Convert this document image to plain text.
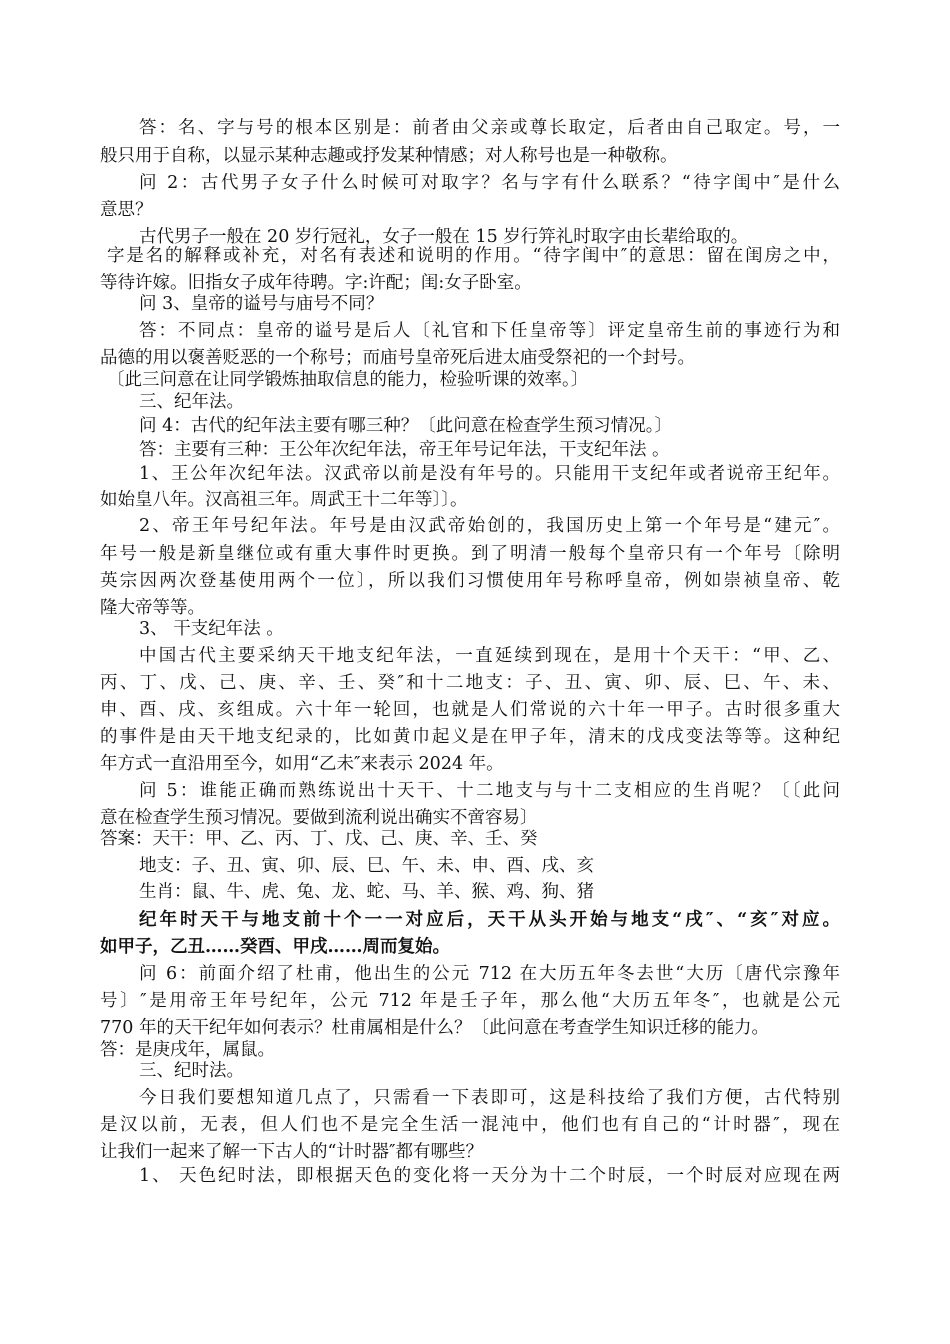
答：名、字与号的根本区别是：前者由父亲或尊长取定，后者由自己取定。号，一
般只用于自称，以显示某种志趣或抒发某种情感；对人称号也是一种敬称。
问 2：古代男子女子什么时候可对取字？名与字有什么联系？“待字闺中″是什么
意思？
古代男子一般在 20 岁行冠礼，女子一般在 15 岁行笄礼时取字由长辈给取的。
字是名的解释或补充，对名有表述和说明的作用。“待字闺中″的意思：留在闺房之中，
等待许嫁。旧指女子成年待聘。字:许配；闺:女子卧室。
问 3、皇帝的谥号与庙号不同？
答：不同点：皇帝的谥号是后人〔礼官和下任皇帝等〕评定皇帝生前的事迹行为和
品德的用以褒善贬恶的一个称号；而庙号皇帝死后进太庙受祭祀的一个封号。
〔此三问意在让同学锻炼抽取信息的能力，检验听课的效率。〕
三、纪年法。
问 4：古代的纪年法主要有哪三种？〔此问意在检查学生预习情况。〕
答：主要有三种：王公年次纪年法，帝王年号记年法，干支纪年法 。
1、王公年次纪年法。汉武帝以前是没有年号的。只能用干支纪年或者说帝王纪年。
如始皇八年。汉高祖三年。周武王十二年等〕〕。
2、帝王年号纪年法。年号是由汉武帝始创的，我国历史上第一个年号是“建元″。
年号一般是新皇继位或有重大事件时更换。到了明清一般每个皇帝只有一个年号〔除明
英宗因两次登基使用两个一位〕，所以我们习惯使用年号称呼皇帝，例如崇祯皇帝、乾
隆大帝等等。
3、 干支纪年法 。
中国古代主要采纳天干地支纪年法，一直延续到现在，是用十个天干：“甲、乙、
丙、丁、戊、己、庚、辛、壬、癸″和十二地支：子、丑、寅、卯、辰、巳、午、未、
申、酉、戌、亥组成。六十年一轮回，也就是人们常说的六十年一甲子。古时很多重大
的事件是由天干地支纪录的，比如黄巾起义是在甲子年，清末的戊戌变法等等。这种纪
年方式一直沿用至今，如用“乙未″来表示 2024 年。
问 5：谁能正确而熟练说出十天干、十二地支与与十二支相应的生肖呢？〔〔此问
意在检查学生预习情况。要做到流利说出确实不啻容易〕
答案：天干：甲、乙、丙、丁、戊、己、庚、辛、壬、癸
地支：子、丑、寅、卯、辰、巳、午、未、申、酉、戌、亥
生肖：鼠、牛、虎、兔、龙、蛇、马、羊、猴、鸡、狗、猪
纪年时天干与地支前十个一一对应后，天干从头开始与地支“戌″、“亥″对应。
如甲子，乙丑……癸酉、甲戌……周而复始。
问 6：前面介绍了杜甫，他出生的公元 712 在大历五年冬去世“大历〔唐代宗豫年
号〕″是用帝王年号纪年，公元 712 年是壬子年，那么他“大历五年冬″，也就是公元
770 年的天干纪年如何表示？杜甫属相是什么？〔此问意在考查学生知识迁移的能力。
答：是庚戌年，属鼠。
三、纪时法。
今日我们要想知道几点了，只需看一下表即可，这是科技给了我们方便，古代特别
是汉以前，无表，但人们也不是完全生活一混沌中，他们也有自己的“计时器″，现在
让我们一起来了解一下古人的“计时器″都有哪些？
1、 天色纪时法，即根据天色的变化将一天分为十二个时辰，一个时辰对应现在两
